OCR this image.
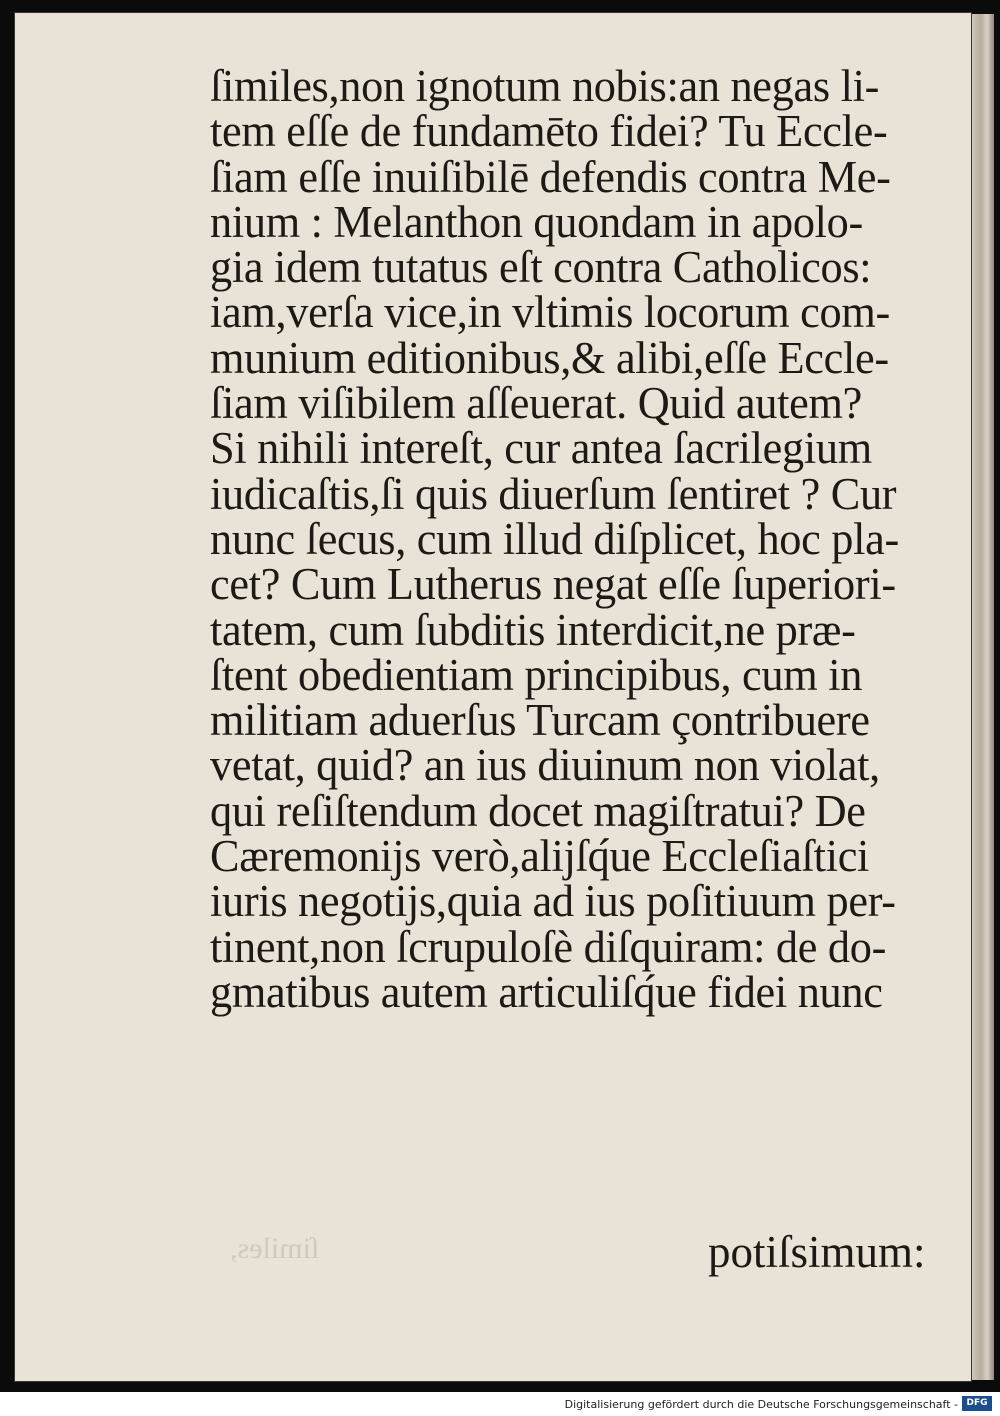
ſimiles,
ſimiles,non ignotum nobis:an negas li-
tem eſſe de fundamēto fidei? Tu Eccle-
ſiam eſſe inuiſibilē defendis contra Me-
nium : Melanthon quondam in apolo-
gia idem tutatus eſt contra Catholicos:
iam,verſa vice,in vltimis locorum com-
munium editionibus,& alibi,eſſe Eccle-
ſiam viſibilem aſſeuerat. Quid autem?
Si nihili intereſt, cur antea ſacrilegium
iudicaſtis,ſi quis diuerſum ſentiret ? Cur
nunc ſecus, cum illud diſplicet, hoc pla-
cet? Cum Lutherus negat eſſe ſuperiori-
tatem, cum ſubditis interdicit,ne præ-
ſtent obedientiam principibus, cum in
militiam aduerſus Turcam çontribuere
vetat, quid? an ius diuinum non violat,
qui reſiſtendum docet magiſtratui? De
Cæremonijs verò,alijſq́ue Eccleſiaſtici
iuris negotijs,quia ad ius poſitiuum per-
tinent,non ſcrupuloſè diſquiram: de do-
gmatibus autem articuliſq́ue fidei nunc
potiſsimum:
Digitalisierung gefördert durch die Deutsche Forschungsgemeinschaft - DFG
